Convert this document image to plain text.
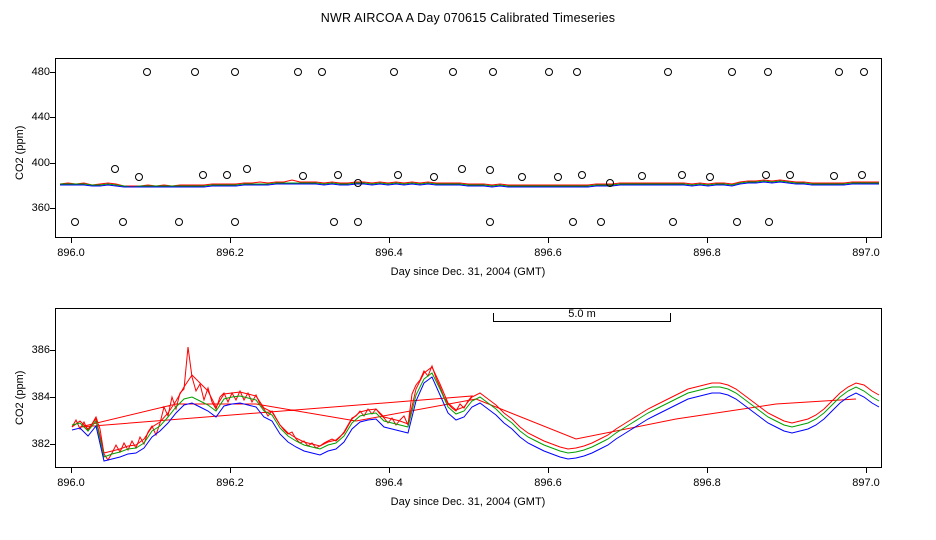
NWR AIRCOA A Day 070615 Calibrated Timeseries
480
440
400
360
896.0	896.2	896.4	896.6	896.8	897.0
Day since Dec. 31, 2004 (GMT)
CO2 (ppm)
5.0 m
386
384
382
896.0	896.2	896.4	896.6	896.8	897.0
Day since Dec. 31, 2004 (GMT)
CO2 (ppm)
